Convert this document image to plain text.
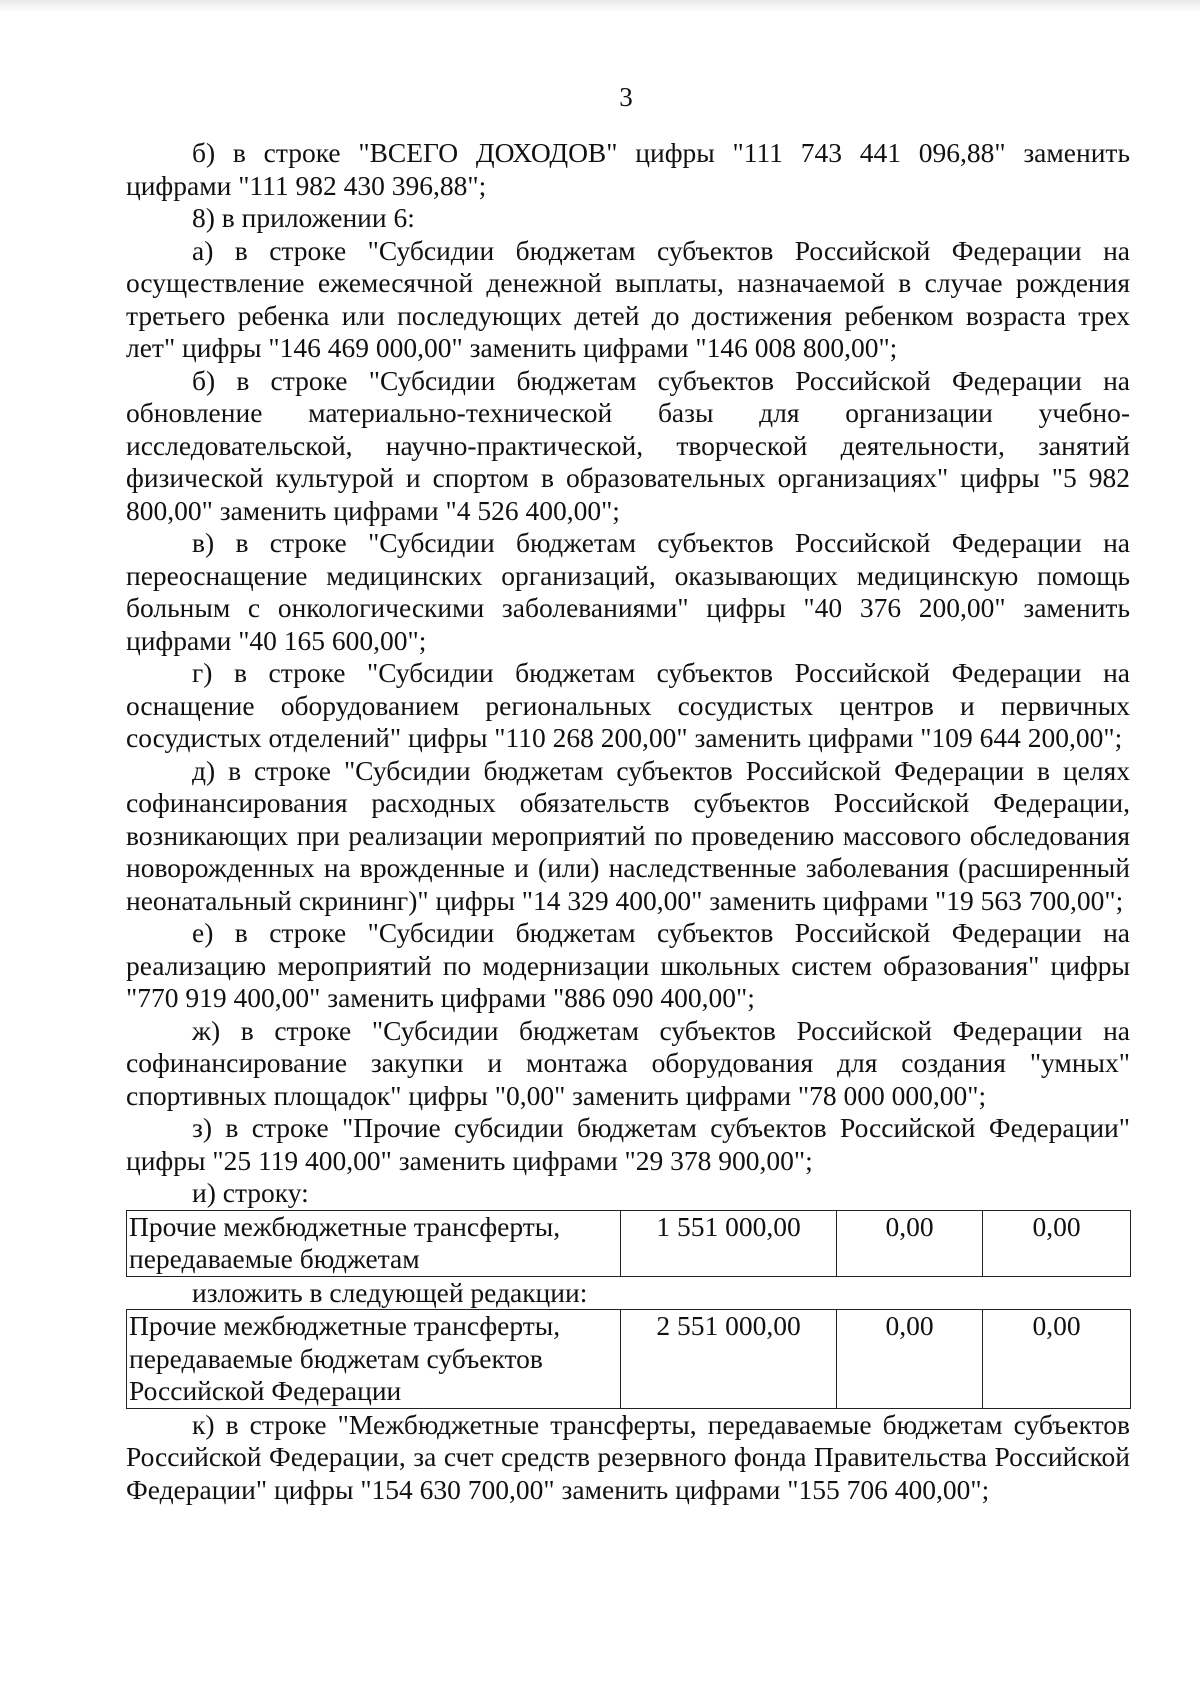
3

б) в строке "ВСЕГО ДОХОДОВ" цифры "111 743 441 096,88" заменить цифрами "111 982 430 396,88";

8) в приложении 6:

а) в строке "Субсидии бюджетам субъектов Российской Федерации на осуществление ежемесячной денежной выплаты, назначаемой в случае рождения третьего ребенка или последующих детей до достижения ребенком возраста трех лет" цифры "146 469 000,00" заменить цифрами "146 008 800,00";

б) в строке "Субсидии бюджетам субъектов Российской Федерации на обновление материально-технической базы для организации учебно-исследовательской, научно-практической, творческой деятельности, занятий физической культурой и спортом в образовательных организациях" цифры "5 982 800,00" заменить цифрами "4 526 400,00";

в) в строке "Субсидии бюджетам субъектов Российской Федерации на переоснащение медицинских организаций, оказывающих медицинскую помощь больным с онкологическими заболеваниями" цифры "40 376 200,00" заменить цифрами "40 165 600,00";

г) в строке "Субсидии бюджетам субъектов Российской Федерации на оснащение оборудованием региональных сосудистых центров и первичных сосудистых отделений" цифры "110 268 200,00" заменить цифрами "109 644 200,00";

д) в строке "Субсидии бюджетам субъектов Российской Федерации в целях софинансирования расходных обязательств субъектов Российской Федерации, возникающих при реализации мероприятий по проведению массового обследования новорожденных на врожденные и (или) наследственные заболевания (расширенный неонатальный скрининг)" цифры "14 329 400,00" заменить цифрами "19 563 700,00";

е) в строке "Субсидии бюджетам субъектов Российской Федерации на реализацию мероприятий по модернизации школьных систем образования" цифры "770 919 400,00" заменить цифрами "886 090 400,00";

ж) в строке "Субсидии бюджетам субъектов Российской Федерации на софинансирование закупки и монтажа оборудования для создания "умных" спортивных площадок" цифры "0,00" заменить цифрами "78 000 000,00";

з) в строке "Прочие субсидии бюджетам субъектов Российской Федерации" цифры "25 119 400,00" заменить цифрами "29 378 900,00";

и) строку:

Прочие межбюджетные трансферты, передаваемые бюджетам	1 551 000,00	0,00	0,00

изложить в следующей редакции:

Прочие межбюджетные трансферты, передаваемые бюджетам субъектов Российской Федерации	2 551 000,00	0,00	0,00

к) в строке "Межбюджетные трансферты, передаваемые бюджетам субъектов Российской Федерации, за счет средств резервного фонда Правительства Российской Федерации" цифры "154 630 700,00" заменить цифрами "155 706 400,00";
